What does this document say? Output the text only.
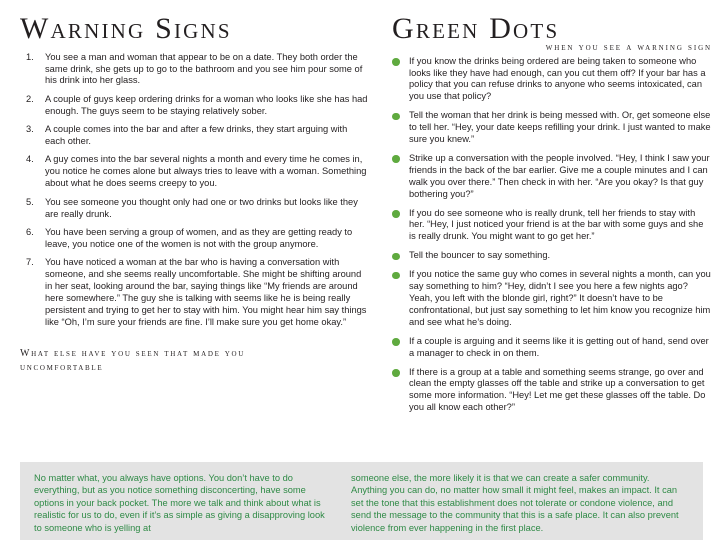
Warning Signs
You see a man and woman that appear to be on a date. They both order the same drink, she gets up to go to the bathroom and you see him pour some of his drink into her glass.
A couple of guys keep ordering drinks for a woman who looks like she has had enough. The guys seem to be staying relatively sober.
A couple comes into the bar and after a few drinks, they start arguing with each other.
A guy comes into the bar several nights a month and every time he comes in, you notice he comes alone but always tries to leave with a woman. Something about what he does seems creepy to you.
You see someone you thought only had one or two drinks but looks like they are really drunk.
You have been serving a group of women, and as they are getting ready to leave, you notice one of the women is not with the group anymore.
You have noticed a woman at the bar who is having a conversation with someone, and she seems really uncomfortable. She might be shifting around in her seat, looking around the bar, saying things like “My friends are around here somewhere.” The guy she is talking with seems like he is being really persistent and trying to get her to stay with him. You might hear him say things like “Oh, I’m sure your friends are fine. I’ll make sure you get home okay.”
What else have you seen that made you uncomfortable
Green Dots
when you see a warning sign
If you know the drinks being ordered are being taken to someone who looks like they have had enough, can you cut them off? If your bar has a policy that you can refuse drinks to anyone who seems intoxicated, can you use that policy?
Tell the woman that her drink is being messed with. Or, get someone else to tell her. “Hey, your date keeps refilling your drink. I just wanted to make sure you knew.”
Strike up a conversation with the people involved. “Hey, I think I saw your friends in the back of the bar earlier. Give me a couple minutes and I can walk you over there.” Then check in with her. “Are you okay? Is that guy bothering you?”
If you do see someone who is really drunk, tell her friends to stay with her. “Hey, I just noticed your friend is at the bar with some guys and she is really drunk. You might want to go get her.”
Tell the bouncer to say something.
If you notice the same guy who comes in several nights a month, can you say something to him? “Hey, didn’t I see you here a few nights ago? Yeah, you left with the blonde girl, right?” It doesn’t have to be confrontational, but just say something to let him know you recognize him and see what he’s doing.
If a couple is arguing and it seems like it is getting out of hand, send over a manager to check in on them.
If there is a group at a table and something seems strange, go over and clean the empty glasses off the table and strike up a conversation to get some more information. “Hey! Let me get these glasses off the table. Do you all know each other?”
No matter what, you always have options. You don’t have to do everything, but as you notice something disconcerting, have some options in your back pocket. The more we talk and think about what is realistic for us to do, even if it’s as simple as giving a disapproving look to someone who is yelling at
someone else, the more likely it is that we can create a safer community. Anything you can do, no matter how small it might feel, makes an impact. It can set the tone that this establishment does not tolerate or condone violence, and send the message to the community that this is a safe place. It can also prevent violence from ever happening in the first place.
